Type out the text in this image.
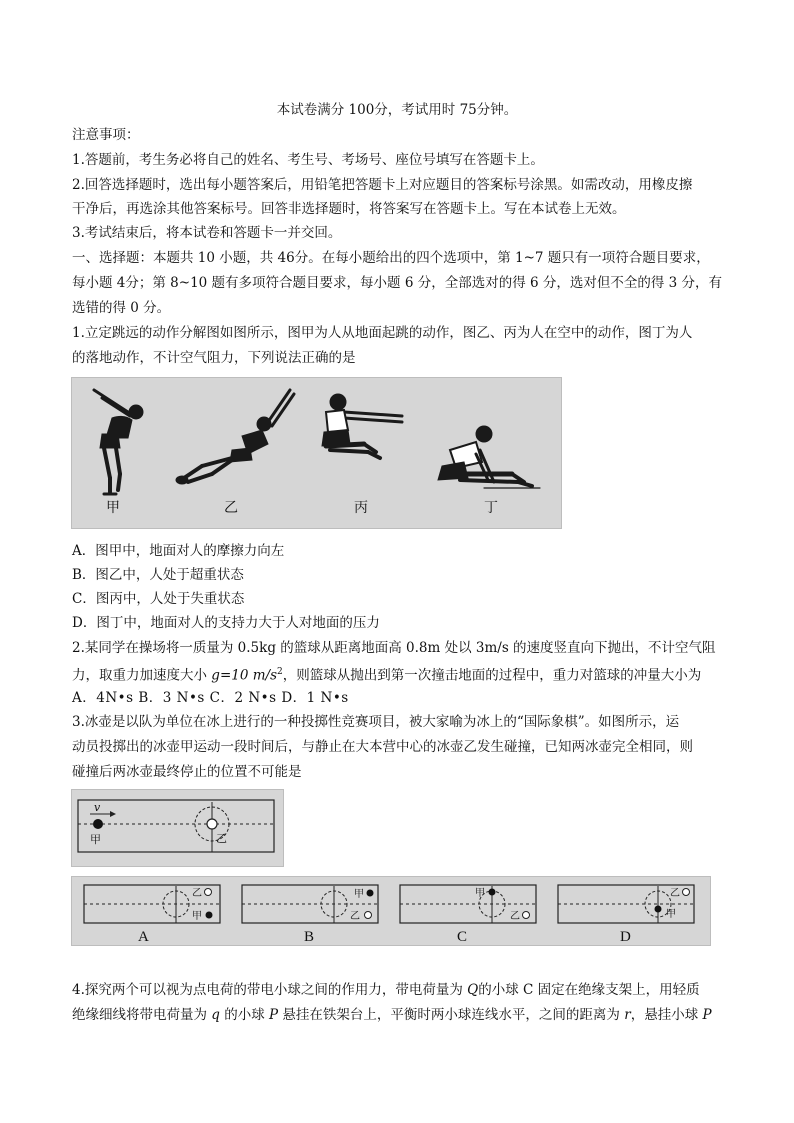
本试卷满分 100分，考试用时 75分钟。
注意事项：
1.答题前，考生务必将自己的姓名、考生号、考场号、座位号填写在答题卡上。
2.回答选择题时，选出每小题答案后，用铅笔把答题卡上对应题目的答案标号涂黑。如需改动，用橡皮擦
干净后，再选涂其他答案标号。回答非选择题时，将答案写在答题卡上。写在本试卷上无效。
3.考试结束后，将本试卷和答题卡一并交回。
一、选择题：本题共 10 小题，共 46分。在每小题给出的四个选项中，第 1~7 题只有一项符合题目要求，
每小题 4分；第 8~10 题有多项符合题目要求，每小题 6 分，全部选对的得 6 分，选对但不全的得 3 分，有
选错的得 0 分。
1.立定跳远的动作分解图如图所示，图甲为人从地面起跳的动作，图乙、丙为人在空中的动作，图丁为人
的落地动作，不计空气阻力，下列说法正确的是
甲	乙	丙	丁
A．图甲中，地面对人的摩擦力向左
B．图乙中，人处于超重状态
C．图丙中，人处于失重状态
D．图丁中，地面对人的支持力大于人对地面的压力
2.某同学在操场将一质量为 0.5kg 的篮球从距离地面高 0.8m 处以 3m/s 的速度竖直向下抛出，不计空气阻
力，取重力加速度大小 g=10 $m/s^2$，则篮球从抛出到第一次撞击地面的过程中，重力对篮球的冲量大小为
A．4N•s B．3 N•s C．2 N•s D．1 N•s
3.冰壶是以队为单位在冰上进行的一种投掷性竞赛项目，被大家喻为冰上的“国际象棋”。如图所示，运
动员投掷出的冰壶甲运动一段时间后，与静止在大本营中心的冰壶乙发生碰撞，已知两冰壶完全相同，则
碰撞后两冰壶最终停止的位置不可能是
v
甲	乙
乙
甲
甲
乙
甲
乙
乙
甲
A	B	C	D
4.探究两个可以视为点电荷的带电小球之间的作用力，带电荷量为 Q的小球 C 固定在绝缘支架上，用轻质
绝缘细线将带电荷量为 q 的小球 P 悬挂在铁架台上，平衡时两小球连线水平，之间的距离为 r，悬挂小球 P
